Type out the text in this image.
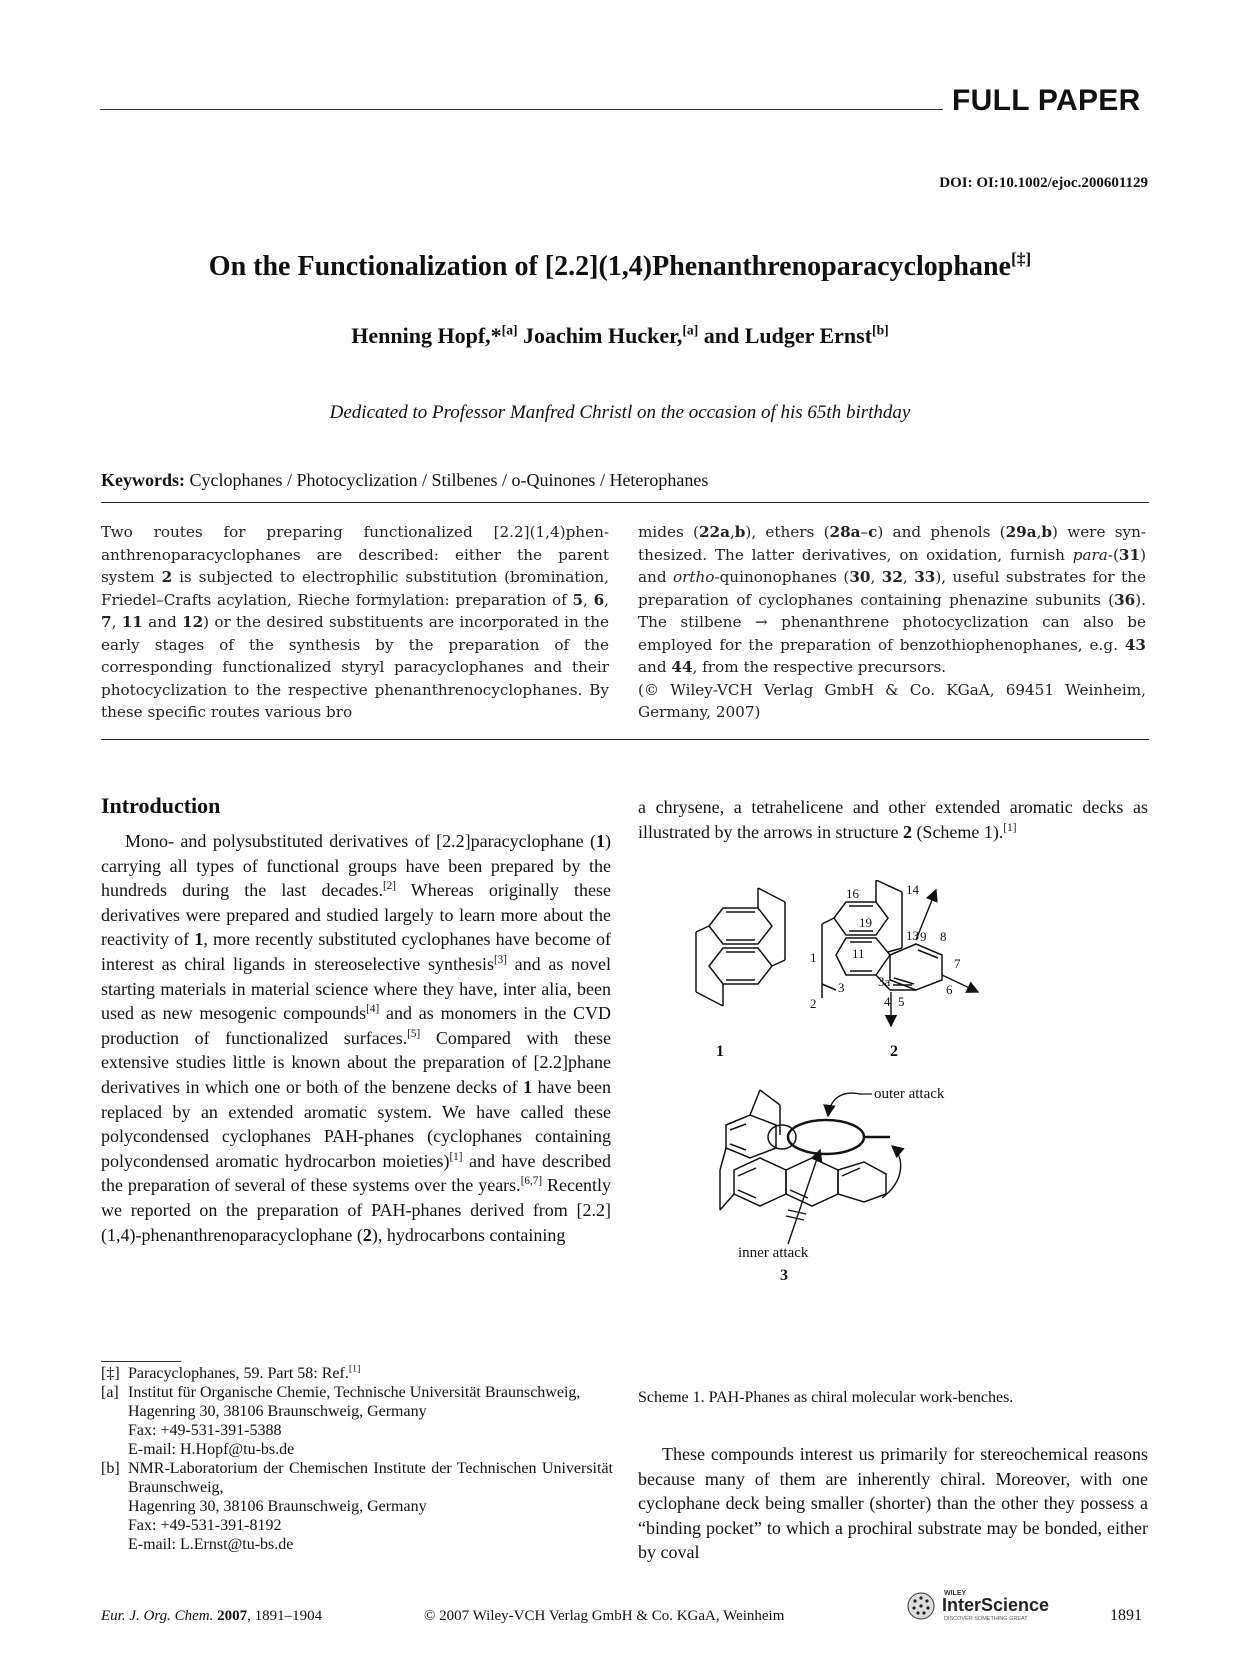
FULL PAPER
DOI: OI:10.1002/ejoc.200601129
On the Functionalization of [2.2](1,4)Phenanthrenoparacyclophane[‡]
Henning Hopf,*[a] Joachim Hucker,[a] and Ludger Ernst[b]
Dedicated to Professor Manfred Christl on the occasion of his 65th birthday
Keywords: Cyclophanes / Photocyclization / Stilbenes / o-Quinones / Heterophanes
Two routes for preparing functionalized [2.2](1,4)phenanthrenoparacyclophanes are described: either the parent system 2 is subjected to electrophilic substitution (bromination, Friedel–Crafts acylation, Rieche formylation: preparation of 5, 6, 7, 11 and 12) or the desired substituents are incorporated in the early stages of the synthesis by the preparation of the corresponding functionalized styryl paracyclophanes and their photocyclization to the respective phenanthrenocyclophanes. By these specific routes various bro
mides (22a,b), ethers (28a–c) and phenols (29a,b) were synthesized. The latter derivatives, on oxidation, furnish para-(31) and ortho-quinonophanes (30, 32, 33), useful substrates for the preparation of cyclophanes containing phenazine subunits (36). The stilbene → phenanthrene photocyclization can also be employed for the preparation of benzothiophenophanes, e.g. 43 and 44, from the respective precursors.
(© Wiley-VCH Verlag GmbH & Co. KGaA, 69451 Weinheim, Germany, 2007)
Introduction
Mono- and polysubstituted derivatives of [2.2]paracyclophane (1) carrying all types of functional groups have been prepared by the hundreds during the last decades.[2] Whereas originally these derivatives were prepared and studied largely to learn more about the reactivity of 1, more recently substituted cyclophanes have become of interest as chiral ligands in stereoselective synthesis[3] and as novel starting materials in material science where they have, inter alia, been used as new mesogenic compounds[4] and as monomers in the CVD production of functionalized surfaces.[5] Compared with these extensive studies little is known about the preparation of [2.2]phane derivatives in which one or both of the benzene decks of 1 have been replaced by an extended aromatic system. We have called these polycondensed cyclophanes PAH-phanes (cyclophanes containing polycondensed aromatic hydrocarbon moieties)[1] and have described the preparation of several of these systems over the years.[6,7] Recently we reported on the preparation of PAH-phanes derived from [2.2](1,4)-phenanthrenoparacyclophane (2), hydrocarbons containing
a chrysene, a tetrahelicene and other extended aromatic decks as illustrated by the arrows in structure 2 (Scheme 1).[1]
1
14
16
19
13 9 8
7
1	11
3a
6
3
2	4 5
2
outer attack
inner attack
3
Scheme 1. PAH-Phanes as chiral molecular work-benches.
These compounds interest us primarily for stereochemical reasons because many of them are inherently chiral. Moreover, with one cyclophane deck being smaller (shorter) than the other they possess a “binding pocket” to which a prochiral substrate may be bonded, either by coval
[‡] Paracyclophanes, 59. Part 58: Ref.[1]
[a] Institut für Organische Chemie, Technische Universität Braunschweig,
Hagenring 30, 38106 Braunschweig, Germany
Fax: +49-531-391-5388
E-mail: H.Hopf@tu-bs.de
[b] NMR-Laboratorium der Chemischen Institute der Technischen Universität Braunschweig,
Hagenring 30, 38106 Braunschweig, Germany
Fax: +49-531-391-8192
E-mail: L.Ernst@tu-bs.de
Eur. J. Org. Chem. 2007, 1891–1904	© 2007 Wiley-VCH Verlag GmbH & Co. KGaA, Weinheim
WILEY
InterScience
DISCOVER SOMETHING GREAT	1891
